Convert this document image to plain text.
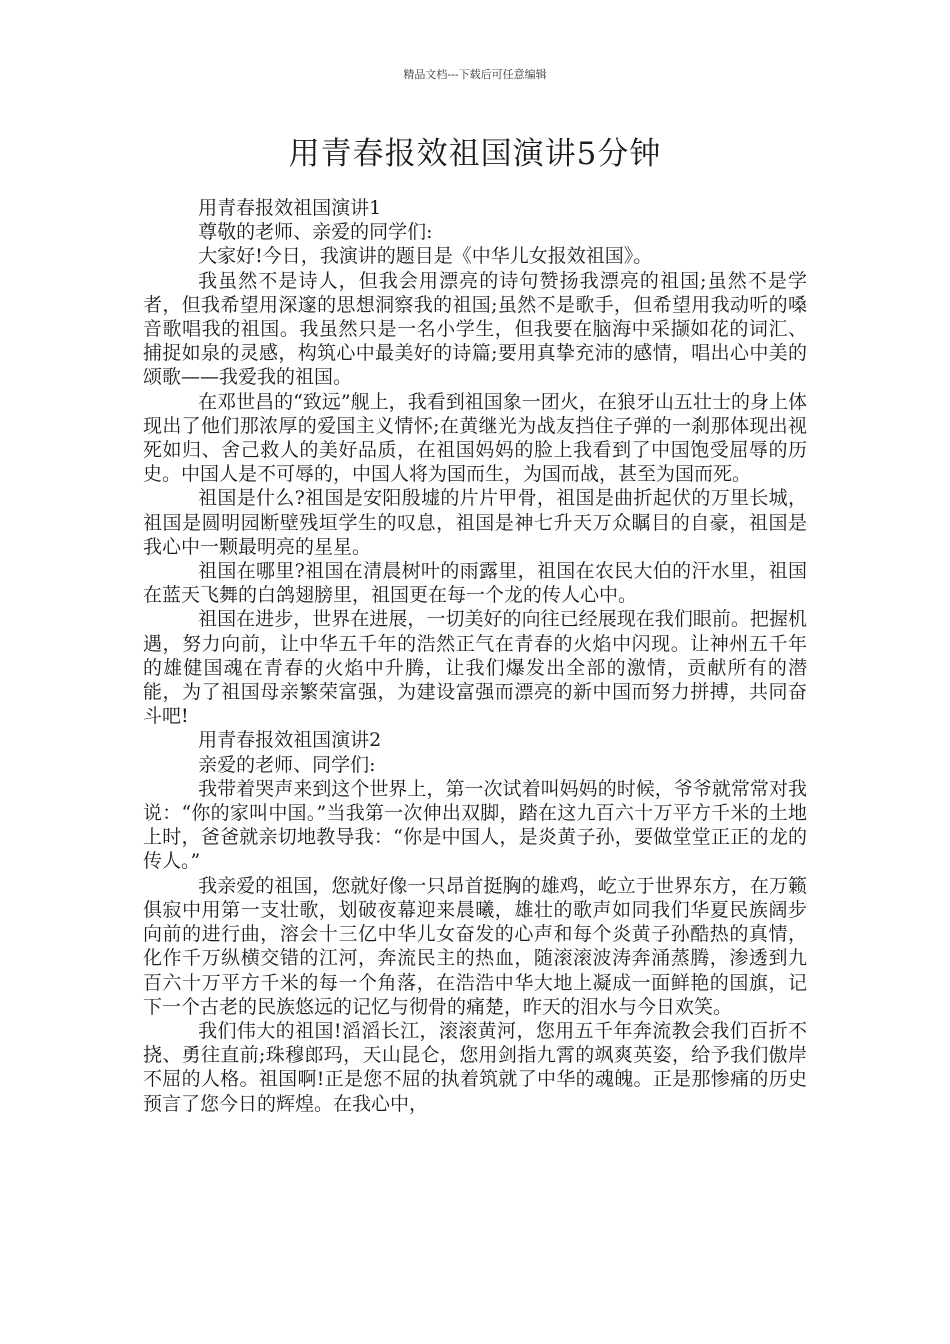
精品文档---下载后可任意编辑
用青春报效祖国演讲5分钟

用青春报效祖国演讲1

尊敬的老师、亲爱的同学们:

大家好!今日，我演讲的题目是《中华儿女报效祖国》。

我虽然不是诗人，但我会用漂亮的诗句赞扬我漂亮的祖国;虽然不是学者，但我希望用深邃的思想洞察我的祖国;虽然不是歌手，但希望用我动听的嗓音歌唱我的祖国。我虽然只是一名小学生，但我要在脑海中采撷如花的词汇、捕捉如泉的灵感，构筑心中最美好的诗篇;要用真挚充沛的感情，唱出心中美的颂歌——我爱我的祖国。

在邓世昌的“致远”舰上，我看到祖国象一团火，在狼牙山五壮士的身上体现出了他们那浓厚的爱国主义情怀;在黄继光为战友挡住子弹的一刹那体现出视死如归、舍己救人的美好品质，在祖国妈妈的脸上我看到了中国饱受屈辱的历史。中国人是不可辱的，中国人将为国而生，为国而战，甚至为国而死。

祖国是什么?祖国是安阳殷墟的片片甲骨，祖国是曲折起伏的万里长城，祖国是圆明园断壁残垣学生的叹息，祖国是神七升天万众瞩目的自豪，祖国是我心中一颗最明亮的星星。

祖国在哪里?祖国在清晨树叶的雨露里，祖国在农民大伯的汗水里，祖国在蓝天飞舞的白鸽翅膀里，祖国更在每一个龙的传人心中。

祖国在进步，世界在进展，一切美好的向往已经展现在我们眼前。把握机遇，努力向前，让中华五千年的浩然正气在青春的火焰中闪现。让神州五千年的雄健国魂在青春的火焰中升腾，让我们爆发出全部的激情，贡献所有的潜能，为了祖国母亲繁荣富强，为建设富强而漂亮的新中国而努力拼搏，共同奋斗吧!

用青春报效祖国演讲2

亲爱的老师、同学们:

我带着哭声来到这个世界上，第一次试着叫妈妈的时候，爷爷就常常对我说：“你的家叫中国。”当我第一次伸出双脚，踏在这九百六十万平方千米的土地上时，爸爸就亲切地教导我：“你是中国人，是炎黄子孙，要做堂堂正正的龙的传人。”

我亲爱的祖国，您就好像一只昂首挺胸的雄鸡，屹立于世界东方，在万籁俱寂中用第一支壮歌，划破夜幕迎来晨曦，雄壮的歌声如同我们华夏民族阔步向前的进行曲，溶会十三亿中华儿女奋发的心声和每个炎黄子孙酷热的真情，化作千万纵横交错的江河，奔流民主的热血，随滚滚波涛奔涌蒸腾，渗透到九百六十万平方千米的每一个角落，在浩浩中华大地上凝成一面鲜艳的国旗，记下一个古老的民族悠远的记忆与彻骨的痛楚，昨天的泪水与今日欢笑。

我们伟大的祖国!滔滔长江，滚滚黄河，您用五千年奔流教会我们百折不挠、勇往直前;珠穆郎玛，天山昆仑，您用剑指九霄的飒爽英姿，给予我们傲岸不屈的人格。祖国啊!正是您不屈的执着筑就了中华的魂魄。正是那惨痛的历史预言了您今日的辉煌。在我心中，
